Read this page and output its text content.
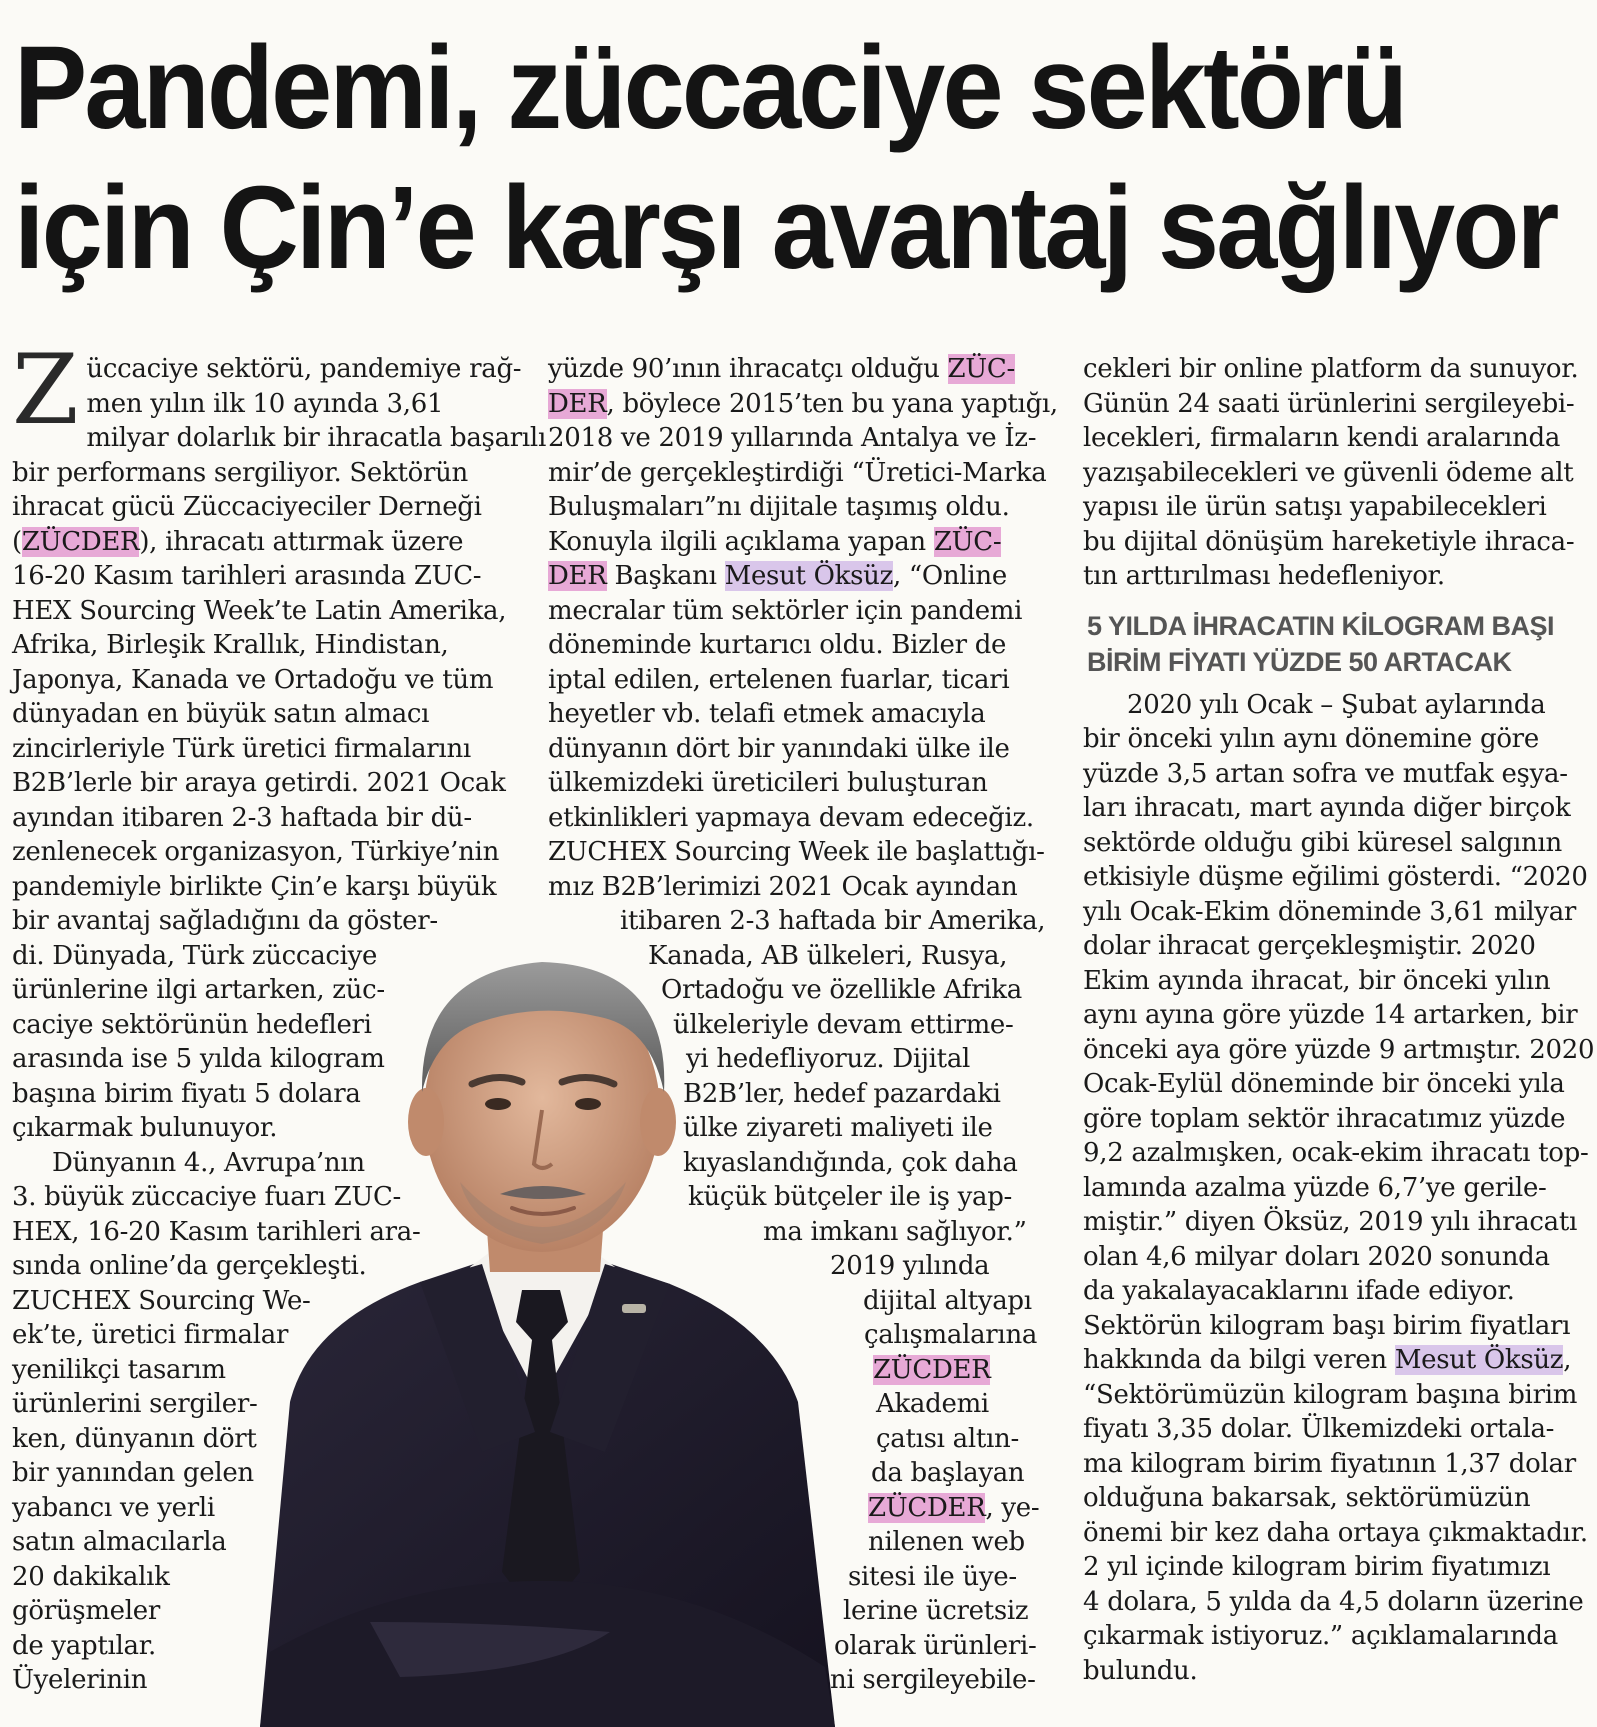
Pandemi, züccaciye sektörü
için Çin’e karşı avantaj sağlıyor

Z üccaciye sektörü, pandemiye rağ-
men yılın ilk 10 ayında 3,61
milyar dolarlık bir ihracatla başarılı
bir performans sergiliyor. Sektörün
ihracat gücü Züccaciyeciler Derneği
(ZÜCDER), ihracatı attırmak üzere
16-20 Kasım tarihleri arasında ZUC-
HEX Sourcing Week’te Latin Amerika,
Afrika, Birleşik Krallık, Hindistan,
Japonya, Kanada ve Ortadoğu ve tüm
dünyadan en büyük satın almacı
zincirleriyle Türk üretici firmalarını
B2B’lerle bir araya getirdi. 2021 Ocak
ayından itibaren 2-3 haftada bir dü-
zenlenecek organizasyon, Türkiye’nin
pandemiyle birlikte Çin’e karşı büyük
bir avantaj sağladığını da göster-
di. Dünyada, Türk züccaciye
ürünlerine ilgi artarken, züc-
caciye sektörünün hedefleri
arasında ise 5 yılda kilogram
başına birim fiyatı 5 dolara
çıkarmak bulunuyor.

Dünyanın 4., Avrupa’nın
3. büyük züccaciye fuarı ZUC-
HEX, 16-20 Kasım tarihleri ara-
sında online’da gerçekleşti.
ZUCHEX Sourcing We-
ek’te, üretici firmalar
yenilikçi tasarım
ürünlerini sergiler-
ken, dünyanın dört
bir yanından gelen
yabancı ve yerli
satın almacılarla
20 dakikalık
görüşmeler
de yaptılar.
Üyelerinin

yüzde 90’ının ihracatçı olduğu ZÜC-
DER, böylece 2015’ten bu yana yaptığı,
2018 ve 2019 yıllarında Antalya ve İz-
mir’de gerçekleştirdiği “Üretici-Marka
Buluşmaları”nı dijitale taşımış oldu.
Konuyla ilgili açıklama yapan ZÜC-
DER Başkanı Mesut Öksüz, “Online
mecralar tüm sektörler için pandemi
döneminde kurtarıcı oldu. Bizler de
iptal edilen, ertelenen fuarlar, ticari
heyetler vb. telafi etmek amacıyla
dünyanın dört bir yanındaki ülke ile
ülkemizdeki üreticileri buluşturan
etkinlikleri yapmaya devam edeceğiz.
ZUCHEX Sourcing Week ile başlattığı-
mız B2B’lerimizi 2021 Ocak ayından
itibaren 2-3 haftada bir Amerika,
Kanada, AB ülkeleri, Rusya,
Ortadoğu ve özellikle Afrika
ülkeleriyle devam ettirme-
yi hedefliyoruz. Dijital
B2B’ler, hedef pazardaki
ülke ziyareti maliyeti ile
kıyaslandığında, çok daha
küçük bütçeler ile iş yap-
ma imkanı sağlıyor.”
2019 yılında
dijital altyapı
çalışmalarına
ZÜCDER
Akademi
çatısı altın-
da başlayan
ZÜCDER, ye-
nilenen web
sitesi ile üye-
lerine ücretsiz
olarak ürünleri-
ni sergileyebile-
cekleri bir online platform da sunuyor.
Günün 24 saati ürünlerini sergileyebi-
lecekleri, firmaların kendi aralarında
yazışabilecekleri ve güvenli ödeme alt
yapısı ile ürün satışı yapabilecekleri
bu dijital dönüşüm hareketiyle ihraca-
tın arttırılması hedefleniyor.
5 YILDA İHRACATIN KİLOGRAM BAŞI
BİRİM FİYATI YÜZDE 50 ARTACAK
2020 yılı Ocak – Şubat aylarında
bir önceki yılın aynı dönemine göre
yüzde 3,5 artan sofra ve mutfak eşya-
ları ihracatı, mart ayında diğer birçok
sektörde olduğu gibi küresel salgının
etkisiyle düşme eğilimi gösterdi. “2020
yılı Ocak-Ekim döneminde 3,61 milyar
dolar ihracat gerçekleşmiştir. 2020
Ekim ayında ihracat, bir önceki yılın
aynı ayına göre yüzde 14 artarken, bir
önceki aya göre yüzde 9 artmıştır. 2020
Ocak-Eylül döneminde bir önceki yıla
göre toplam sektör ihracatımız yüzde
9,2 azalmışken, ocak-ekim ihracatı top-
lamında azalma yüzde 6,7’ye gerile-
miştir.” diyen Öksüz, 2019 yılı ihracatı
olan 4,6 milyar doları 2020 sonunda
da yakalayacaklarını ifade ediyor.
Sektörün kilogram başı birim fiyatları
hakkında da bilgi veren Mesut Öksüz,
“Sektörümüzün kilogram başına birim
fiyatı 3,35 dolar. Ülkemizdeki ortala-
ma kilogram birim fiyatının 1,37 dolar
olduğuna bakarsak, sektörümüzün
önemi bir kez daha ortaya çıkmaktadır.
2 yıl içinde kilogram birim fiyatımızı
4 dolara, 5 yılda da 4,5 doların üzerine
çıkarmak istiyoruz.” açıklamalarında
bulundu.
